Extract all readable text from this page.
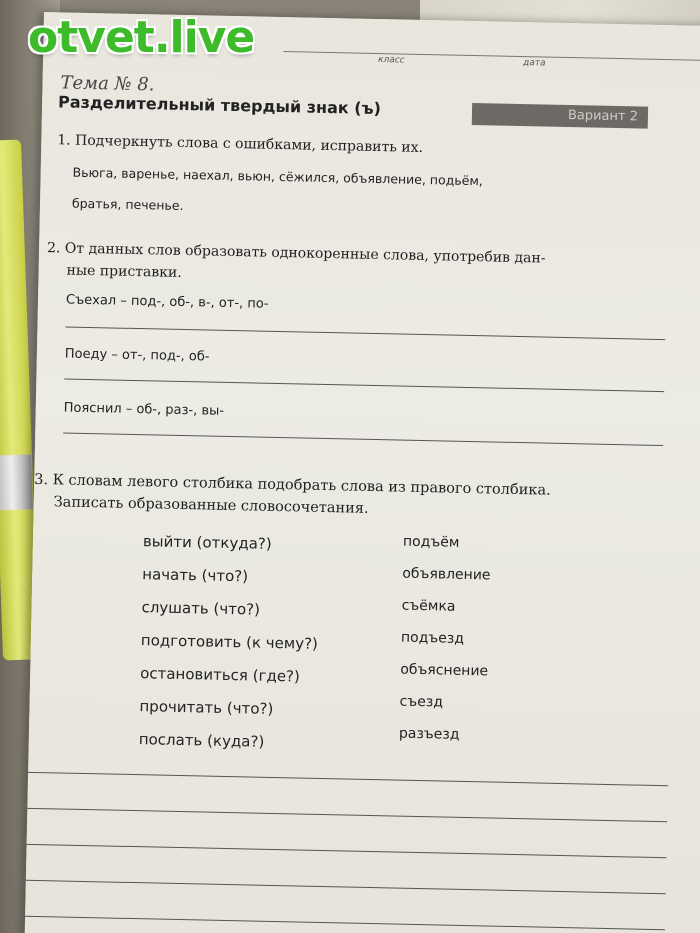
класс	дата
Тема № 8.
Разделительный твердый знак (ъ)	Вариант 2
1. Подчеркнуть слова с ошибками, исправить их.
Вьюга, варенье, наехал, вьюн, сёжился, объявление, подьём,
братья, печенье.
2. От данных слов образовать однокоренные слова, употребив дан-
ные приставки.
Съехал – под-, об-, в-, от-, по-
Поеду – от-, под-, об-
Пояснил – об-, раз-, вы-
3. К словам левого столбика подобрать слова из правого столбика.
Записать образованные словосочетания.
выйти (откуда?)
начать (что?)
слушать (что?)
подготовить (к чему?)
остановиться (где?)
прочитать (что?)
послать (куда?)
подъём
объявление
съёмка
подъезд
объяснение
съезд
разъезд
otvet.live
